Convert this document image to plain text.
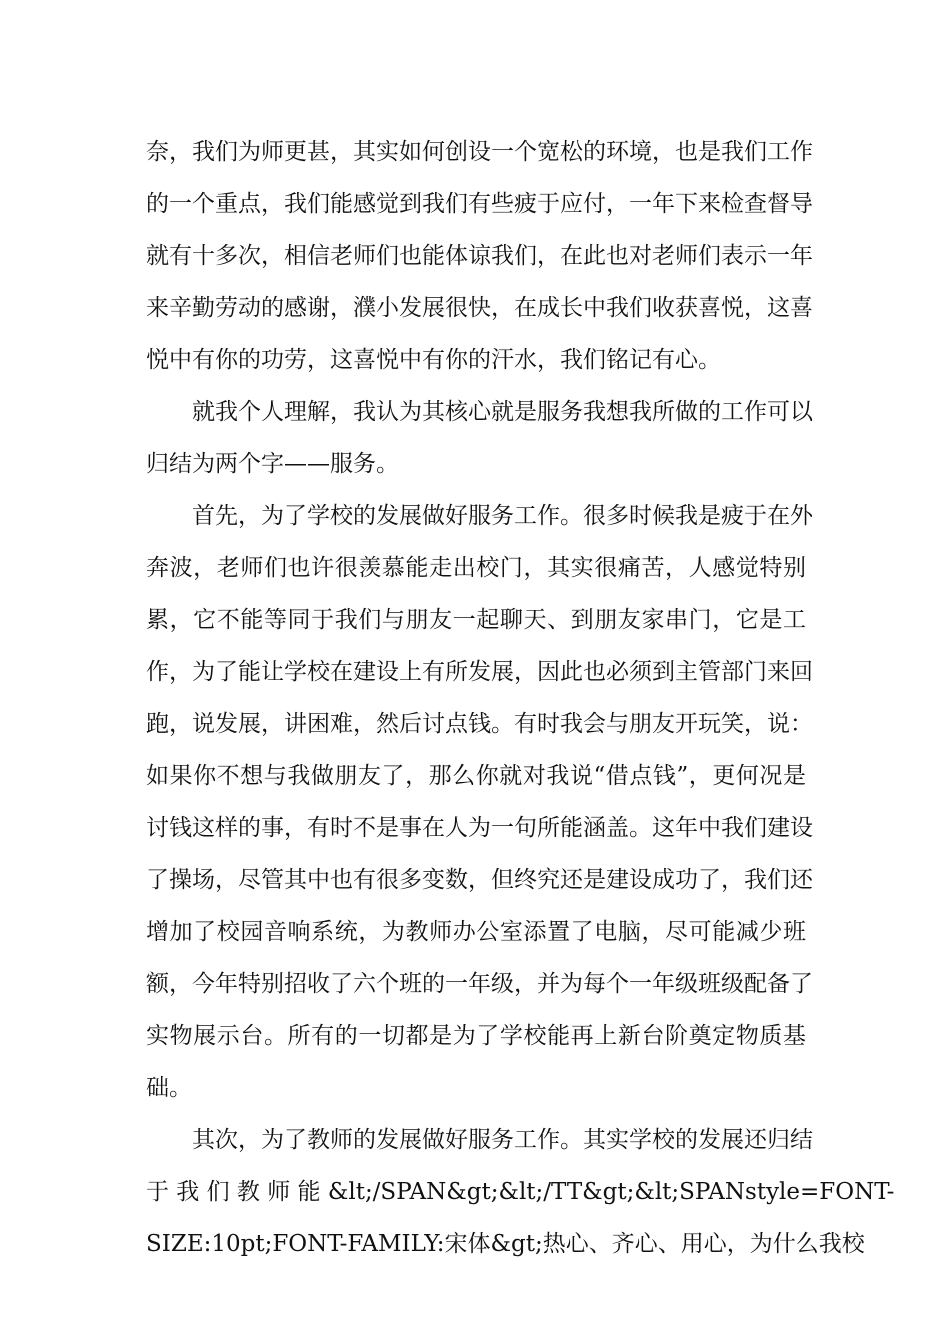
奈，我们为师更甚，其实如何创设一个宽松的环境，也是我们工作
的一个重点，我们能感觉到我们有些疲于应付，一年下来检查督导
就有十多次，相信老师们也能体谅我们，在此也对老师们表示一年
来辛勤劳动的感谢，濮小发展很快，在成长中我们收获喜悦，这喜
悦中有你的功劳，这喜悦中有你的汗水，我们铭记有心。
就我个人理解，我认为其核心就是服务我想我所做的工作可以
归结为两个字——服务。
首先，为了学校的发展做好服务工作。很多时候我是疲于在外
奔波，老师们也许很羡慕能走出校门，其实很痛苦，人感觉特别
累，它不能等同于我们与朋友一起聊天、到朋友家串门，它是工
作，为了能让学校在建设上有所发展，因此也必须到主管部门来回
跑，说发展，讲困难，然后讨点钱。有时我会与朋友开玩笑，说：
如果你不想与我做朋友了，那么你就对我说“借点钱”，更何况是
讨钱这样的事，有时不是事在人为一句所能涵盖。这年中我们建设
了操场，尽管其中也有很多变数，但终究还是建设成功了，我们还
增加了校园音响系统，为教师办公室添置了电脑，尽可能减少班
额，今年特别招收了六个班的一年级，并为每个一年级班级配备了
实物展示台。所有的一切都是为了学校能再上新台阶奠定物质基
础。
其次，为了教师的发展做好服务工作。其实学校的发展还归结
于 我 们 教 师 能 &lt;/SPAN&gt;&lt;/TT&gt;&lt;SPANstyle=FONT-
SIZE:10pt;FONT-FAMILY:宋体&gt;热心、齐心、用心，为什么我校
